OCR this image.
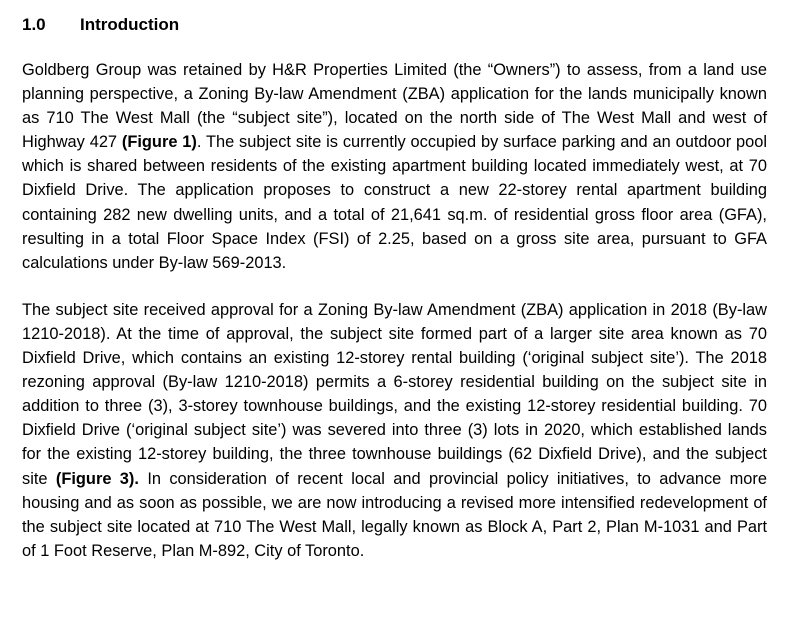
1.0	Introduction

Goldberg Group was retained by H&R Properties Limited (the “Owners”) to assess, from a land use planning perspective, a Zoning By-law Amendment (ZBA) application for the lands municipally known as 710 The West Mall (the “subject site”), located on the north side of The West Mall and west of Highway 427 (Figure 1). The subject site is currently occupied by surface parking and an outdoor pool which is shared between residents of the existing apartment building located immediately west, at 70 Dixfield Drive. The application proposes to construct a new 22-storey rental apartment building containing 282 new dwelling units, and a total of 21,641 sq.m. of residential gross floor area (GFA), resulting in a total Floor Space Index (FSI) of 2.25, based on a gross site area, pursuant to GFA calculations under By-law 569-2013.

The subject site received approval for a Zoning By-law Amendment (ZBA) application in 2018 (By-law 1210-2018). At the time of approval, the subject site formed part of a larger site area known as 70 Dixfield Drive, which contains an existing 12-storey rental building (‘original subject site’). The 2018 rezoning approval (By-law 1210-2018) permits a 6-storey residential building on the subject site in addition to three (3), 3-storey townhouse buildings, and the existing 12-storey residential building. 70 Dixfield Drive (‘original subject site’) was severed into three (3) lots in 2020, which established lands for the existing 12-storey building, the three townhouse buildings (62 Dixfield Drive), and the subject site (Figure 3). In consideration of recent local and provincial policy initiatives, to advance more housing and as soon as possible, we are now introducing a revised more intensified redevelopment of the subject site located at 710 The West Mall, legally known as Block A, Part 2, Plan M-1031 and Part of 1 Foot Reserve, Plan M-892, City of Toronto.
